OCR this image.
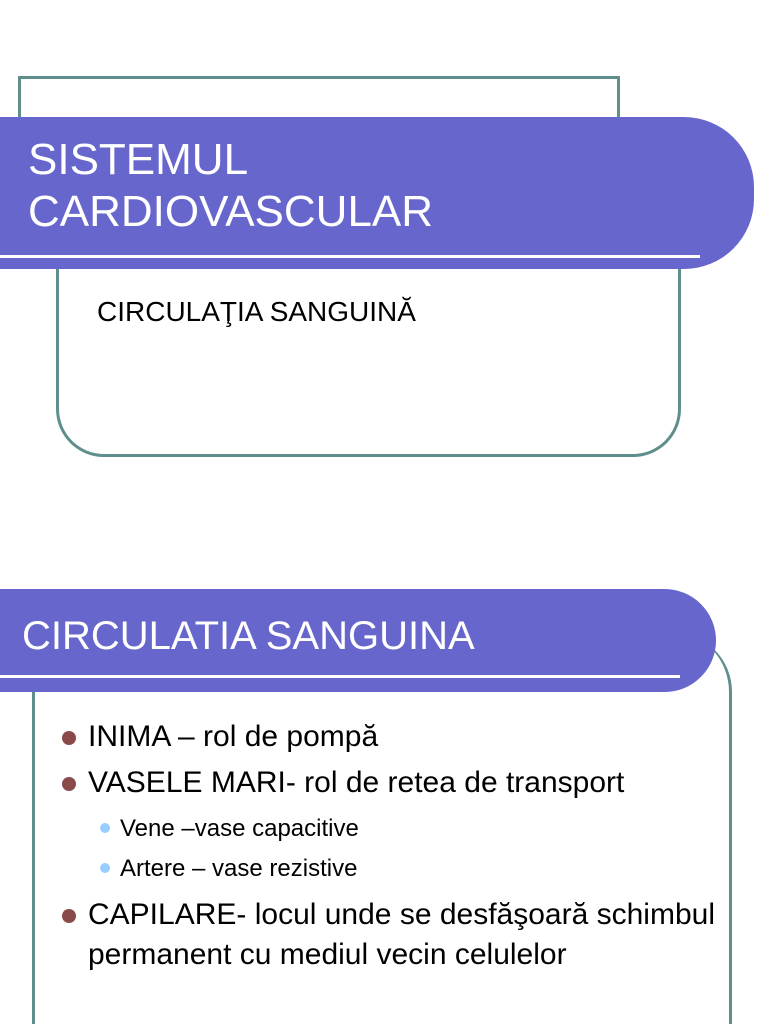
SISTEMUL
CARDIOVASCULAR
CIRCULAŢIA SANGUINĂ
CIRCULATIA SANGUINA
INIMA – rol de pompă
VASELE MARI- rol de retea de transport
Vene –vase capacitive
Artere – vase rezistive
CAPILARE- locul unde se desfăşoară schimbul permanent cu mediul vecin celulelor
